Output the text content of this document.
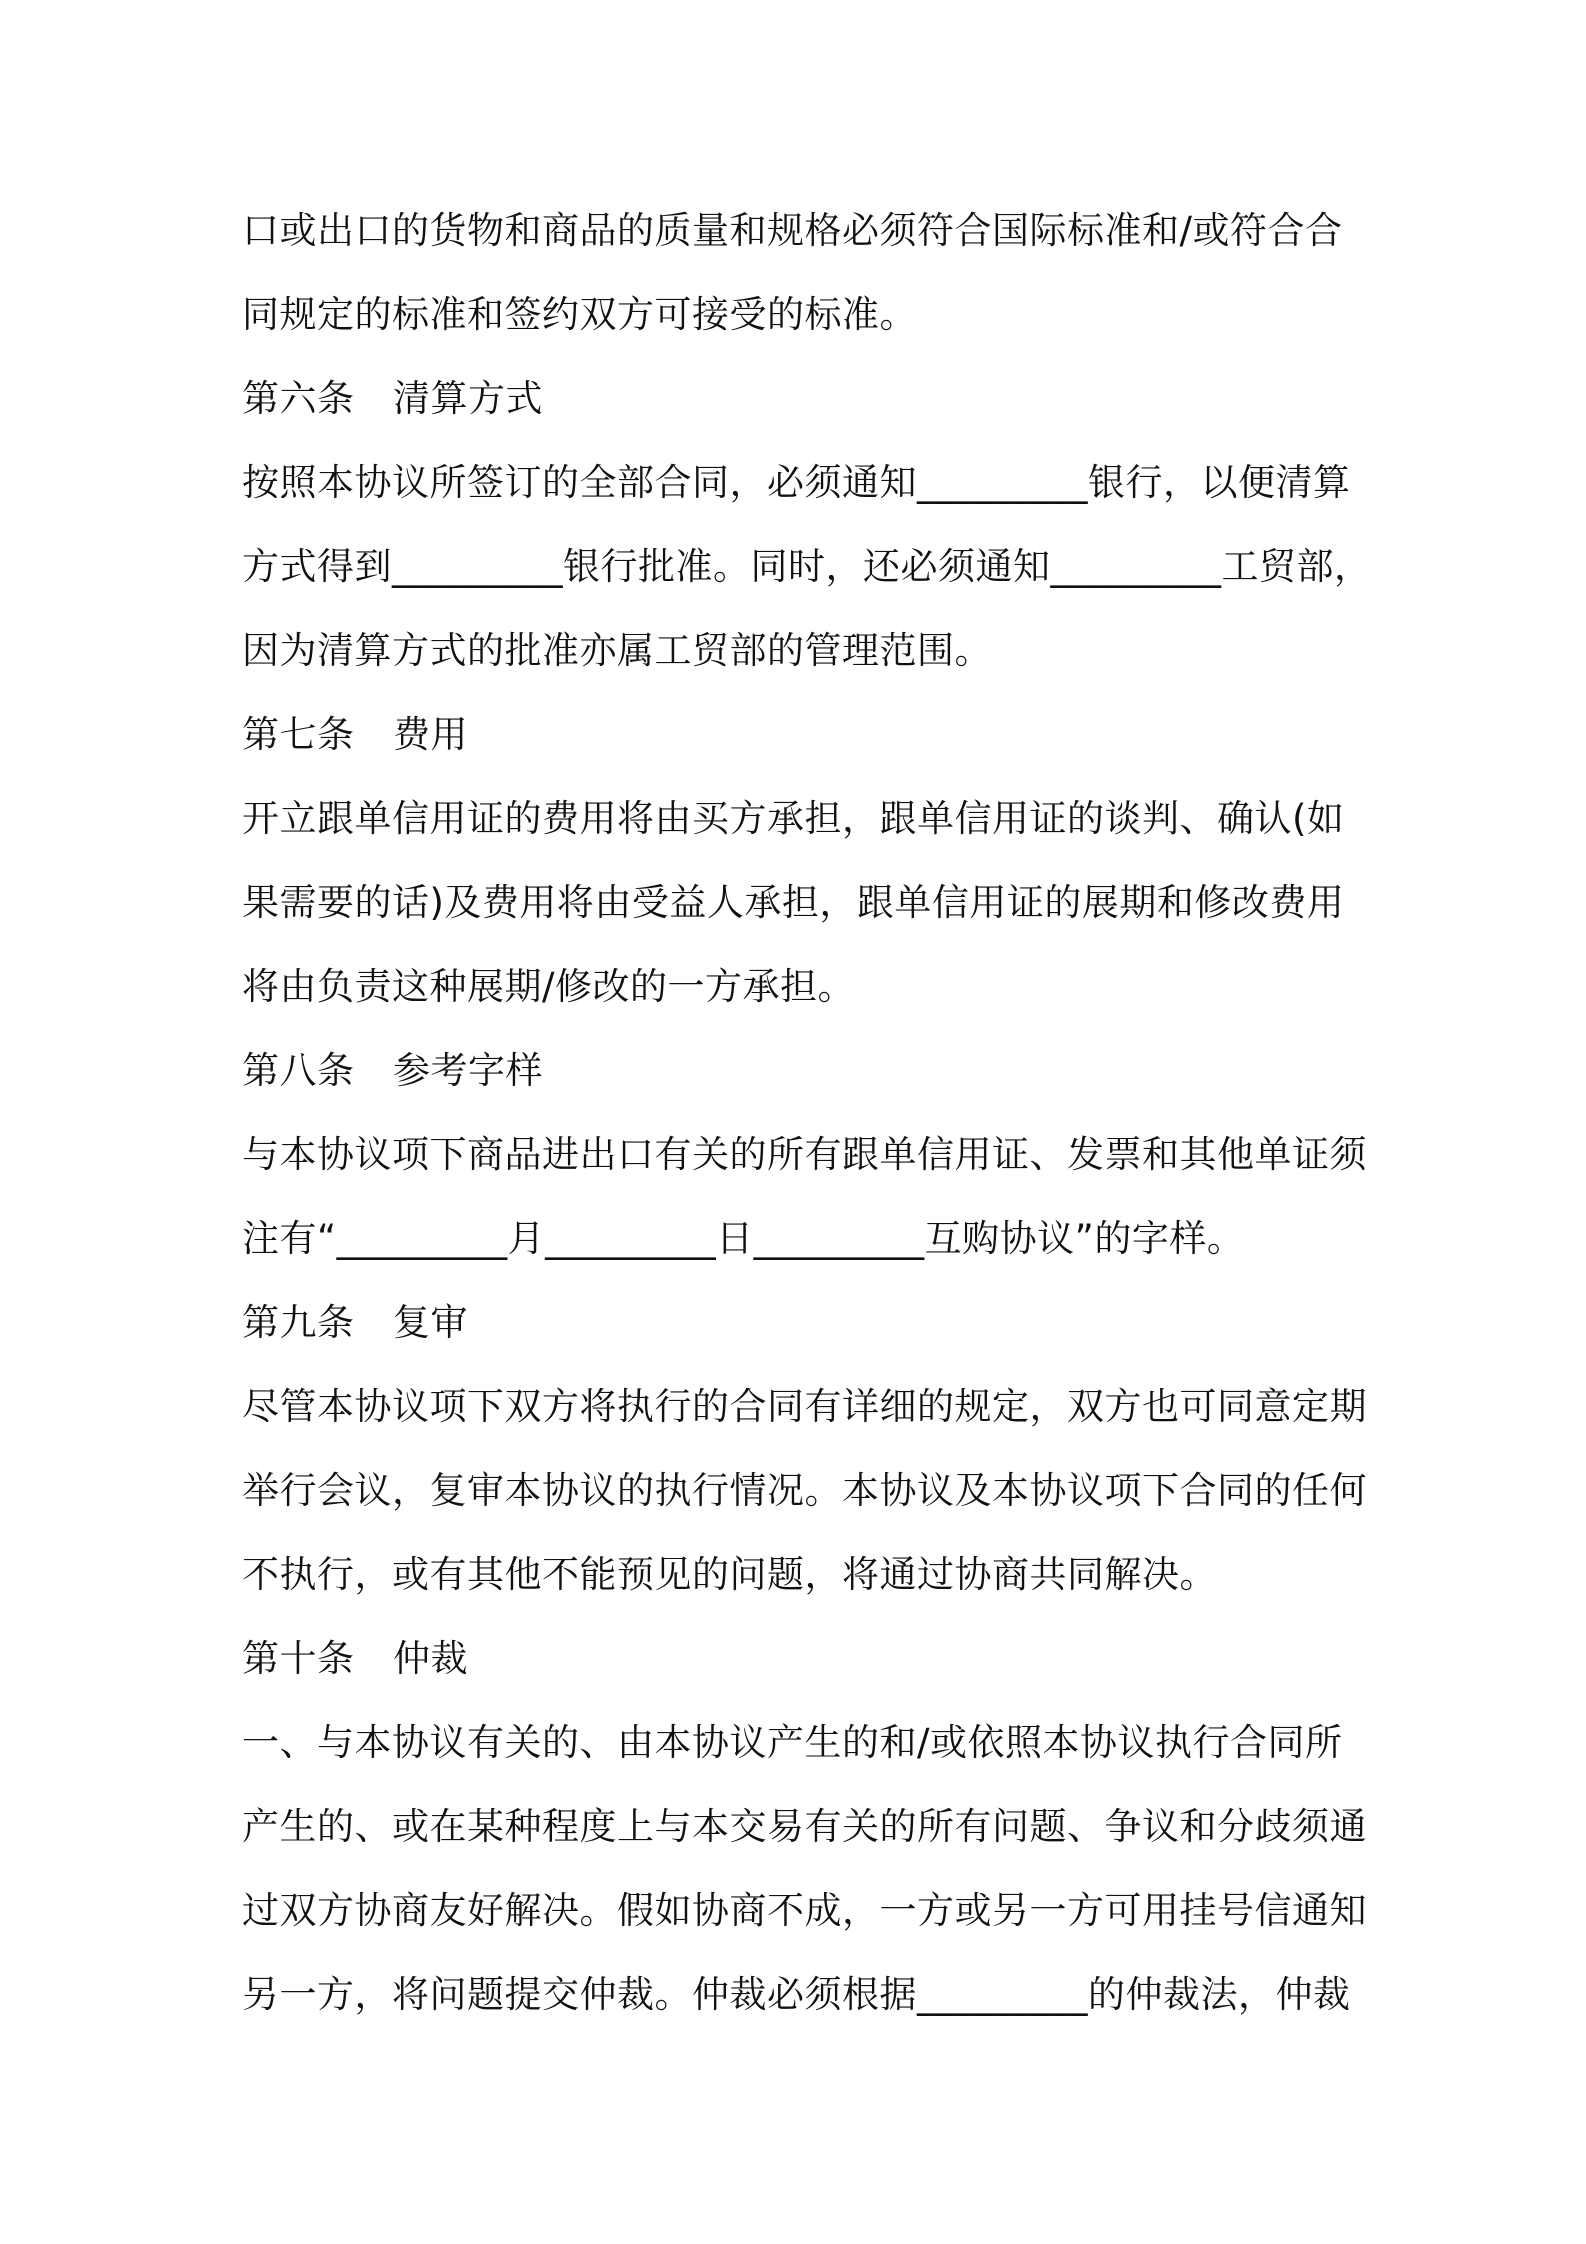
口或出口的货物和商品的质量和规格必须符合国际标准和/或符合合
同规定的标准和签约双方可接受的标准。
第六条 清算方式
按照本协议所签订的全部合同，必须通知_________银行，以便清算
方式得到_________银行批准。同时，还必须通知_________工贸部，
因为清算方式的批准亦属工贸部的管理范围。
第七条 费用
开立跟单信用证的费用将由买方承担，跟单信用证的谈判、确认(如
果需要的话)及费用将由受益人承担，跟单信用证的展期和修改费用
将由负责这种展期/修改的一方承担。
第八条 参考字样
与本协议项下商品进出口有关的所有跟单信用证、发票和其他单证须
注有“_________月_________日_________互购协议”的字样。
第九条 复审
尽管本协议项下双方将执行的合同有详细的规定，双方也可同意定期
举行会议，复审本协议的执行情况。本协议及本协议项下合同的任何
不执行，或有其他不能预见的问题，将通过协商共同解决。
第十条 仲裁
一、与本协议有关的、由本协议产生的和/或依照本协议执行合同所
产生的、或在某种程度上与本交易有关的所有问题、争议和分歧须通
过双方协商友好解决。假如协商不成，一方或另一方可用挂号信通知
另一方，将问题提交仲裁。仲裁必须根据_________的仲裁法，仲裁
